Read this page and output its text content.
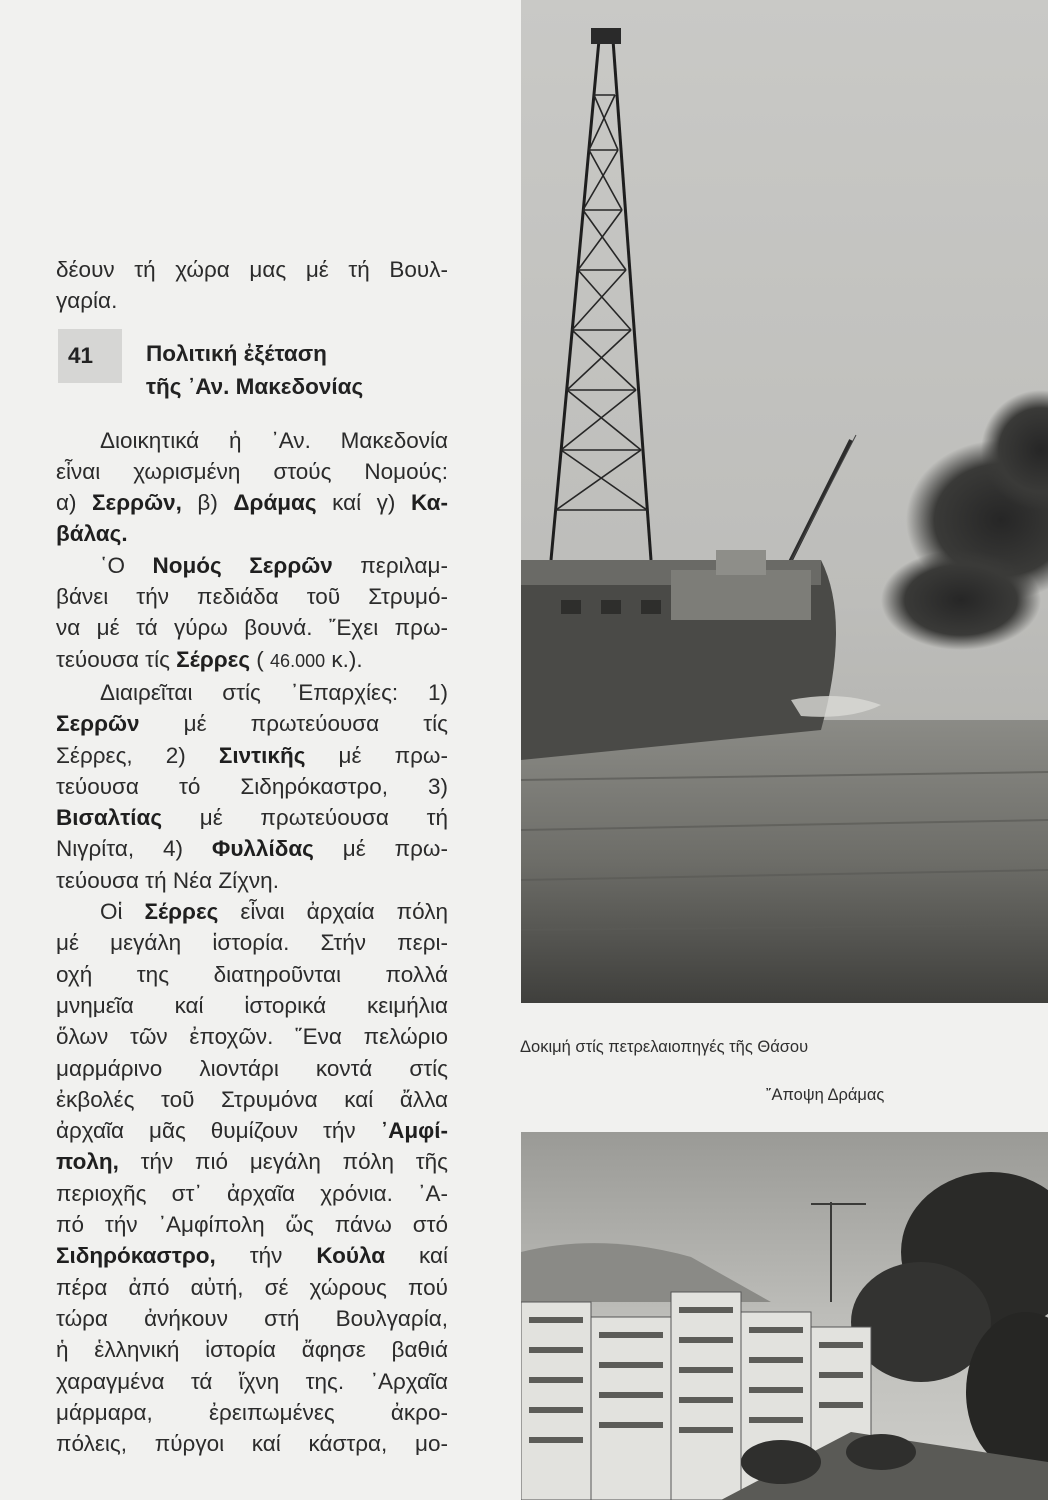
δέουν τή χώρα μας μέ τή Βουλ-

γαρία.

41	Πολιτική ἐξέταση
τῆς ᾿Αν. Μακεδονίας

Διοικητικά ἡ ᾿Αν. Μακεδονία

εἶναι χωρισμένη στούς Νομούς:

α) Σερρῶν, β) Δράμας καί γ) Κα-

βάλας.

῾Ο Νομός Σερρῶν περιλαμ-

βάνει τήν πεδιάδα τοῦ Στρυμό-

να μέ τά γύρω βουνά. ῎Εχει πρω-

τεύουσα τίς Σέρρες ( 46.000 κ.).

Διαιρεῖται στίς ᾿Επαρχίες: 1)

Σερρῶν μέ πρωτεύουσα τίς

Σέρρες, 2) Σιντικῆς μέ πρω-

τεύουσα τό Σιδηρόκαστρο, 3)

Βισαλτίας μέ πρωτεύουσα τή

Νιγρίτα, 4) Φυλλίδας μέ πρω-

τεύουσα τή Νέα Ζίχνη.

Οἱ Σέρρες εἶναι ἀρχαία πόλη

μέ μεγάλη ἱστορία. Στήν περι-

οχή της διατηροῦνται πολλά

μνημεῖα καί ἱστορικά κειμήλια

ὅλων τῶν ἐποχῶν. ῞Ενα πελώριο

μαρμάρινο λιοντάρι κοντά στίς

ἐκβολές τοῦ Στρυμόνα καί ἄλλα

ἀρχαῖα μᾶς θυμίζουν τήν ᾿Αμφί-

πολη, τήν πιό μεγάλη πόλη τῆς

περιοχῆς στ᾿ ἀρχαῖα χρόνια. ᾿Α-

πό τήν ᾿Αμφίπολη ὥς πάνω στό

Σιδηρόκαστρο, τήν Κούλα καί

πέρα ἀπό αὐτή, σέ χώρους πού

τώρα ἀνήκουν στή Βουλγαρία,

ἡ ἑλληνική ἱστορία ἄφησε βαθιά

χαραγμένα τά ἴχνη της. ᾿Αρχαῖα

μάρμαρα, ἐρειπωμένες ἀκρο-

πόλεις, πύργοι καί κάστρα, μο-

Δοκιμή στίς πετρελαιοπηγές τῆς Θάσου
῎Αποψη Δράμας
